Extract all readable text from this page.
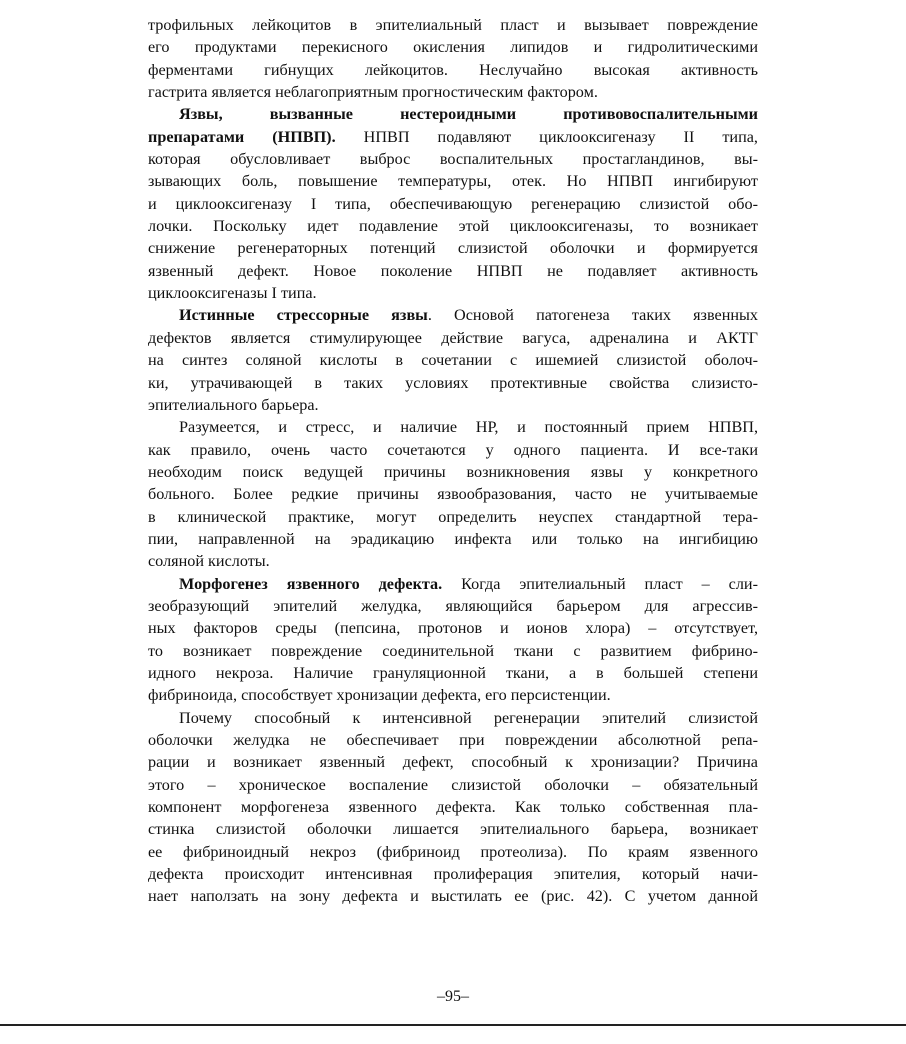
трофильных лейкоцитов в эпителиальный пласт и вызывает повреждение
его продуктами перекисного окисления липидов и гидролитическими
ферментами гибнущих лейкоцитов. Неслучайно высокая активность
гастрита является неблагоприятным прогностическим фактором.

Язвы, вызванные нестероидными противовоспалительными
препаратами (НПВП). НПВП подавляют циклооксигеназу II типа,
которая обусловливает выброс воспалительных простагландинов, вы-
зывающих боль, повышение температуры, отек. Но НПВП ингибируют
и циклооксигеназу I типа, обеспечивающую регенерацию слизистой обо-
лочки. Поскольку идет подавление этой циклооксигеназы, то возникает
снижение регенераторных потенций слизистой оболочки и формируется
язвенный дефект. Новое поколение НПВП не подавляет активность
циклооксигеназы I типа.

Истинные стрессорные язвы. Основой патогенеза таких язвенных
дефектов является стимулирующее действие вагуса, адреналина и АКТГ
на синтез соляной кислоты в сочетании с ишемией слизистой оболоч-
ки, утрачивающей в таких условиях протективные свойства слизисто-
эпителиального барьера.

Разумеется, и стресс, и наличие НР, и постоянный прием НПВП,
как правило, очень часто сочетаются у одного пациента. И все-таки
необходим поиск ведущей причины возникновения язвы у конкретного
больного. Более редкие причины язвообразования, часто не учитываемые
в клинической практике, могут определить неуспех стандартной тера-
пии, направленной на эрадикацию инфекта или только на ингибицию
соляной кислоты.

Морфогенез язвенного дефекта. Когда эпителиальный пласт – сли-
зеобразующий эпителий желудка, являющийся барьером для агрессив-
ных факторов среды (пепсина, протонов и ионов хлора) – отсутствует,
то возникает повреждение соединительной ткани с развитием фибрино-
идного некроза. Наличие грануляционной ткани, а в большей степени
фибриноида, способствует хронизации дефекта, его персистенции.

Почему способный к интенсивной регенерации эпителий слизистой
оболочки желудка не обеспечивает при повреждении абсолютной репа-
рации и возникает язвенный дефект, способный к хронизации? Причина
этого – хроническое воспаление слизистой оболочки – обязательный
компонент морфогенеза язвенного дефекта. Как только собственная пла-
стинка слизистой оболочки лишается эпителиального барьера, возникает
ее фибриноидный некроз (фибриноид протеолиза). По краям язвенного
дефекта происходит интенсивная пролиферация эпителия, который начи-
нает наползать на зону дефекта и выстилать ее (рис. 42). С учетом данной

–95–
